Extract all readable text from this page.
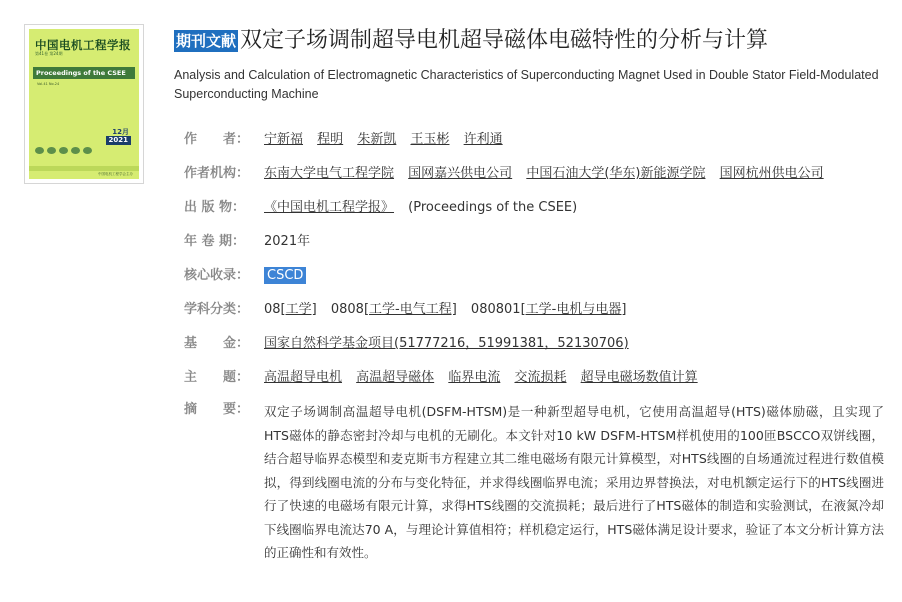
中国电机工程学报
第41卷 第24期
Proceedings of the CSEE
Vol.41 No.24
12月
2021
中国电机工程学会主办
期刊文献 双定子场调制超导电机超导磁体电磁特性的分析与计算
Analysis and Calculation of Electromagnetic Characteristics of Superconducting Magnet Used in Double Stator Field-Modulated Superconducting Machine
作　　者：	宁新福 程明 朱新凯 王玉彬 许利通
作者机构：	东南大学电气工程学院 国网嘉兴供电公司 中国石油大学(华东)新能源学院 国网杭州供电公司
出 版 物：	《中国电机工程学报》 (Proceedings of the CSEE)
年 卷 期：	2021年
核心收录：	CSCD
学科分类：	08[工学] 0808[工学-电气工程] 080801[工学-电机与电器]
基　　金：	国家自然科学基金项目(51777216，51991381，52130706)
主　　题：	高温超导电机 高温超导磁体 临界电流 交流损耗 超导电磁场数值计算
摘　　要：	双定子场调制高温超导电机(DSFM-HTSM)是一种新型超导电机，它使用高温超导(HTS)磁体励磁，且实现了HTS磁体的静态密封冷却与电机的无刷化。本文针对10 kW DSFM-HTSM样机使用的100匝BSCCO双饼线圈，结合超导临界态模型和麦克斯韦方程建立其二维电磁场有限元计算模型，对HTS线圈的自场通流过程进行数值模拟，得到线圈电流的分布与变化特征，并求得线圈临界电流；采用边界替换法，对电机额定运行下的HTS线圈进行了快速的电磁场有限元计算，求得HTS线圈的交流损耗；最后进行了HTS磁体的制造和实验测试，在液氮冷却下线圈临界电流达70 A，与理论计算值相符；样机稳定运行，HTS磁体满足设计要求，验证了本文分析计算方法的正确性和有效性。
